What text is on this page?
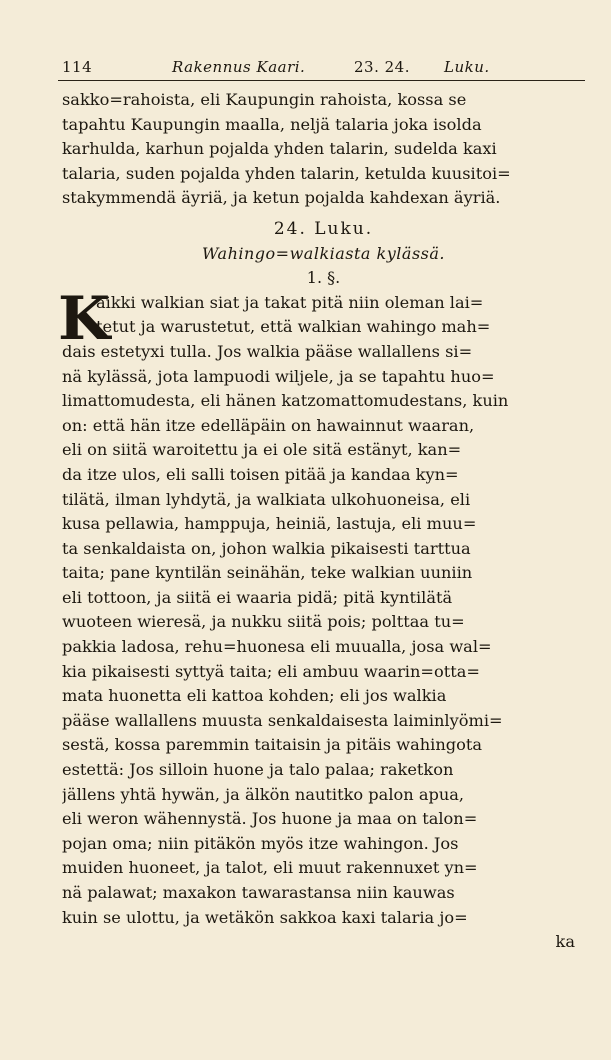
114	Rakennus Kaari.	23. 24. Luku.
sakko=rahoista, eli Kaupungin rahoista, kossa se
tapahtu Kaupungin maalla, neljä talaria joka isolda
karhulda, karhun pojalda yhden talarin, sudelda kaxi
talaria, suden pojalda yhden talarin, ketulda kuusitoi=
stakymmendä äyriä, ja ketun pojalda kahdexan äyriä.
24. Luku.
Wahingo=walkiasta kylässä.
1. §.
K
aikki walkian siat ja takat pitä niin oleman lai=
tetut ja warustetut, että walkian wahingo mah=
dais estetyxi tulla. Jos walkia pääse wallallens si=
nä kylässä, jota lampuodi wiljele, ja se tapahtu huo=
limattomudesta, eli hänen katzomattomudestans, kuin
on: että hän itze edelläpäin on hawainnut waaran,
eli on siitä waroitettu ja ei ole sitä estänyt, kan=
da itze ulos, eli salli toisen pitää ja kandaa kyn=
tilätä, ilman lyhdytä, ja walkiata ulkohuoneisa, eli
kusa pellawia, hamppuja, heiniä, lastuja, eli muu=
ta senkaldaista on, johon walkia pikaisesti tarttua
taita; pane kyntilän seinähän, teke walkian uuniin
eli tottoon, ja siitä ei waaria pidä; pitä kyntilätä
wuoteen wieresä, ja nukku siitä pois; polttaa tu=
pakkia ladosa, rehu=huonesa eli muualla, josa wal=
kia pikaisesti syttyä taita; eli ambuu waarin=otta=
mata huonetta eli kattoa kohden; eli jos walkia
pääse wallallens muusta senkaldaisesta laiminlyömi=
sestä, kossa paremmin taitaisin ja pitäis wahingota
estettä: Jos silloin huone ja talo palaa; raketkon
jällens yhtä hywän, ja älkön nautitko palon apua,
eli weron wähennystä. Jos huone ja maa on talon=
pojan oma; niin pitäkön myös itze wahingon. Jos
muiden huoneet, ja talot, eli muut rakennuxet yn=
nä palawat; maxakon tawarastansa niin kauwas
kuin se ulottu, ja wetäkön sakkoa kaxi talaria jo=
ka
